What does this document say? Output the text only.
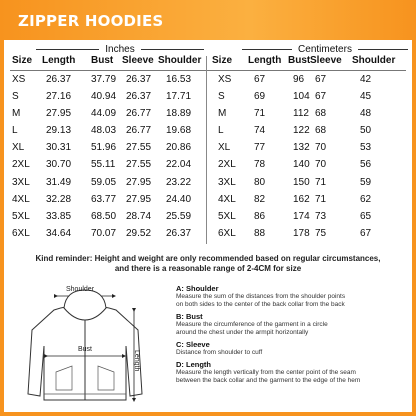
ZIPPER HOODIES
Inches	Centimeters
Size Length Bust Sleeve Shoulder Size Length Bust Sleeve Shoulder
XS 26.37 37.79 26.37 16.53	XS 67	96 67	42
S	27.16 40.94 26.37 17.71	S	69	104 67	45
M	27.95 44.09 26.77 18.89	M	71	112 68	48
L	29.13 48.03 26.77 19.68	L	74	122 68	50
XL 30.31 51.96 27.55 20.86	XL 77	132 70	53
2XL 30.70 55.11 27.55 22.04	2XL 78	140 70	56
3XL 31.49 59.05 27.95 23.22	3XL 80	150 71	59
4XL 32.28 63.77 27.95 24.40	4XL 82	162 71	62
5XL 33.85 68.50 28.74 25.59	5XL 86	174 73	65
6XL 34.64 70.07 29.52 26.37	6XL 88	178 75	67
Kind reminder: Height and weight are only recommended based on regular circumstances,
and there is a reasonable range of 2-4CM for size
Shoulder
Bust
Length
A: Shoulder
Measure the sum of the distances from the shoulder points
on both sides to the center of the back collar from the back
B: Bust
Measure the circumference of the garment in a circle
around the chest under the armpit horizontally
C: Sleeve
Distance from shoulder to cuff
D: Length
Measure the length vertically from the center point of the seam
between the back collar and the garment to the edge of the hem
